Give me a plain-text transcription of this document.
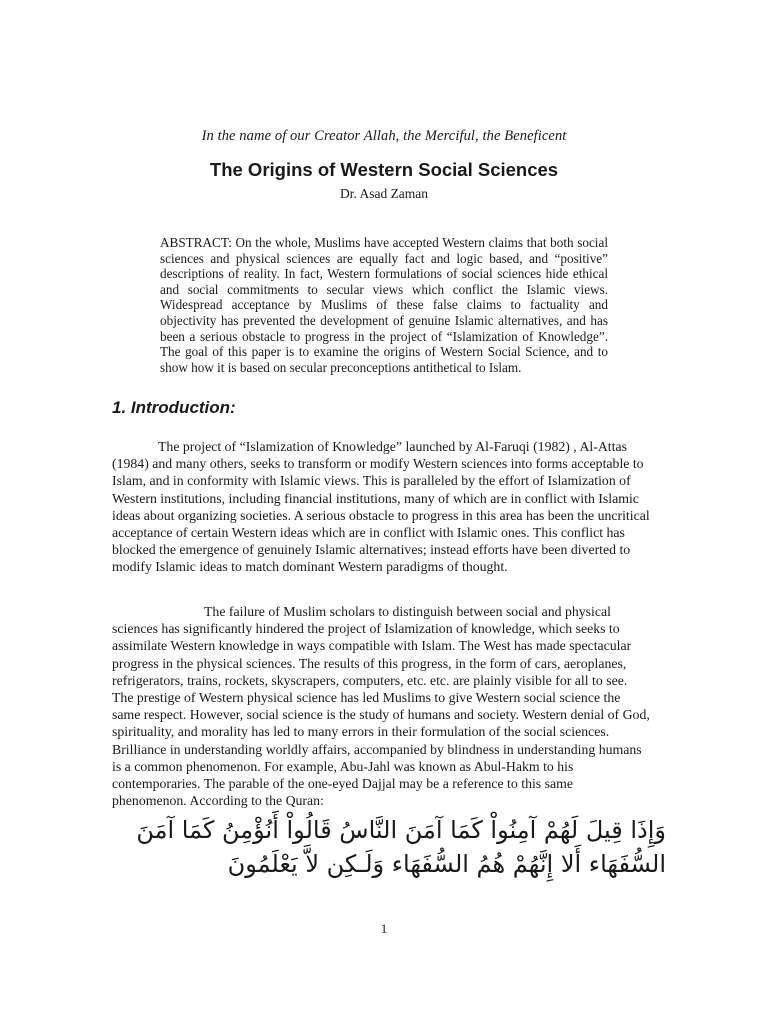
In the name of our Creator Allah, the Merciful, the Beneficent
The Origins of Western Social Sciences
Dr. Asad Zaman

ABSTRACT: On the whole, Muslims have accepted Western claims that both social sciences and physical sciences are equally fact and logic based, and “positive” descriptions of reality. In fact, Western formulations of social sciences hide ethical and social commitments to secular views which conflict the Islamic views. Widespread acceptance by Muslims of these false claims to factuality and objectivity has prevented the development of genuine Islamic alternatives, and has been a serious obstacle to progress in the project of “Islamization of Knowledge”. The goal of this paper is to examine the origins of Western Social Science, and to show how it is based on secular preconceptions antithetical to Islam.

1. Introduction:

The project of “Islamization of Knowledge” launched by Al-Faruqi (1982) , Al-Attas (1984) and many others, seeks to transform or modify Western sciences into forms acceptable to Islam, and in conformity with Islamic views. This is paralleled by the effort of Islamization of Western institutions, including financial institutions, many of which are in conflict with Islamic ideas about organizing societies. A serious obstacle to progress in this area has been the uncritical acceptance of certain Western ideas which are in conflict with Islamic ones. This conflict has blocked the emergence of genuinely Islamic alternatives; instead efforts have been diverted to modify Islamic ideas to match dominant Western paradigms of thought.

The failure of Muslim scholars to distinguish between social and physical sciences has significantly hindered the project of Islamization of knowledge, which seeks to assimilate Western knowledge in ways compatible with Islam. The West has made spectacular progress in the physical sciences. The results of this progress, in the form of cars, aeroplanes, refrigerators, trains, rockets, skyscrapers, computers, etc. etc. are plainly visible for all to see. The prestige of Western physical science has led Muslims to give Western social science the same respect. However, social science is the study of humans and society. Western denial of God, spirituality, and morality has led to many errors in their formulation of the social sciences. Brilliance in understanding worldly affairs, accompanied by blindness in understanding humans is a common phenomenon. For example, Abu-Jahl was known as Abul-Hakm to his contemporaries. The parable of the one-eyed Dajjal may be a reference to this same phenomenon. According to the Quran:

وَإِذَا قِيلَ لَهُمْ آمِنُواْ كَمَا آمَنَ النَّاسُ قَالُواْ أَنُؤْمِنُ كَمَا آمَنَ

السُّفَهَاء أَلا إِنَّهُمْ هُمُ السُّفَهَاء وَلَـكِن لاَّ يَعْلَمُونَ

1
